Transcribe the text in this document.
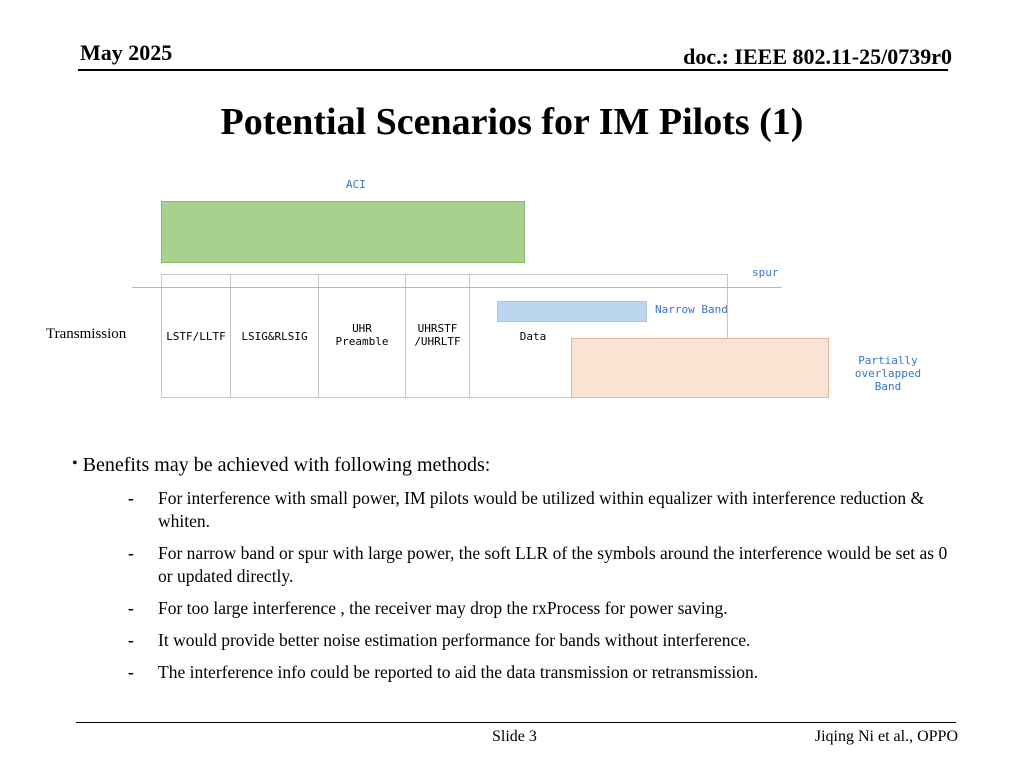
May 2025	doc.: IEEE 802.11-25/0739r0
Potential Scenarios for IM Pilots (1)
ACI
spur
Narrow Band
Partially overlapped
Band
Transmission	LSTF/LLTF	LSIG&RLSIG
UHR
Preamble
UHRSTF
/UHRLTF	Data
• Benefits may be achieved with following methods:
- For interference with small power, IM pilots would be utilized within equalizer with interference reduction & whiten.
- For narrow band or spur with large power, the soft LLR of the symbols around the interference would be set as 0 or updated directly.
- For too large interference , the receiver may drop the rxProcess for power saving.
- It would provide better noise estimation performance for bands without interference.
- The interference info could be reported to aid the data transmission or retransmission.
Slide 3	Jiqing Ni et al., OPPO
